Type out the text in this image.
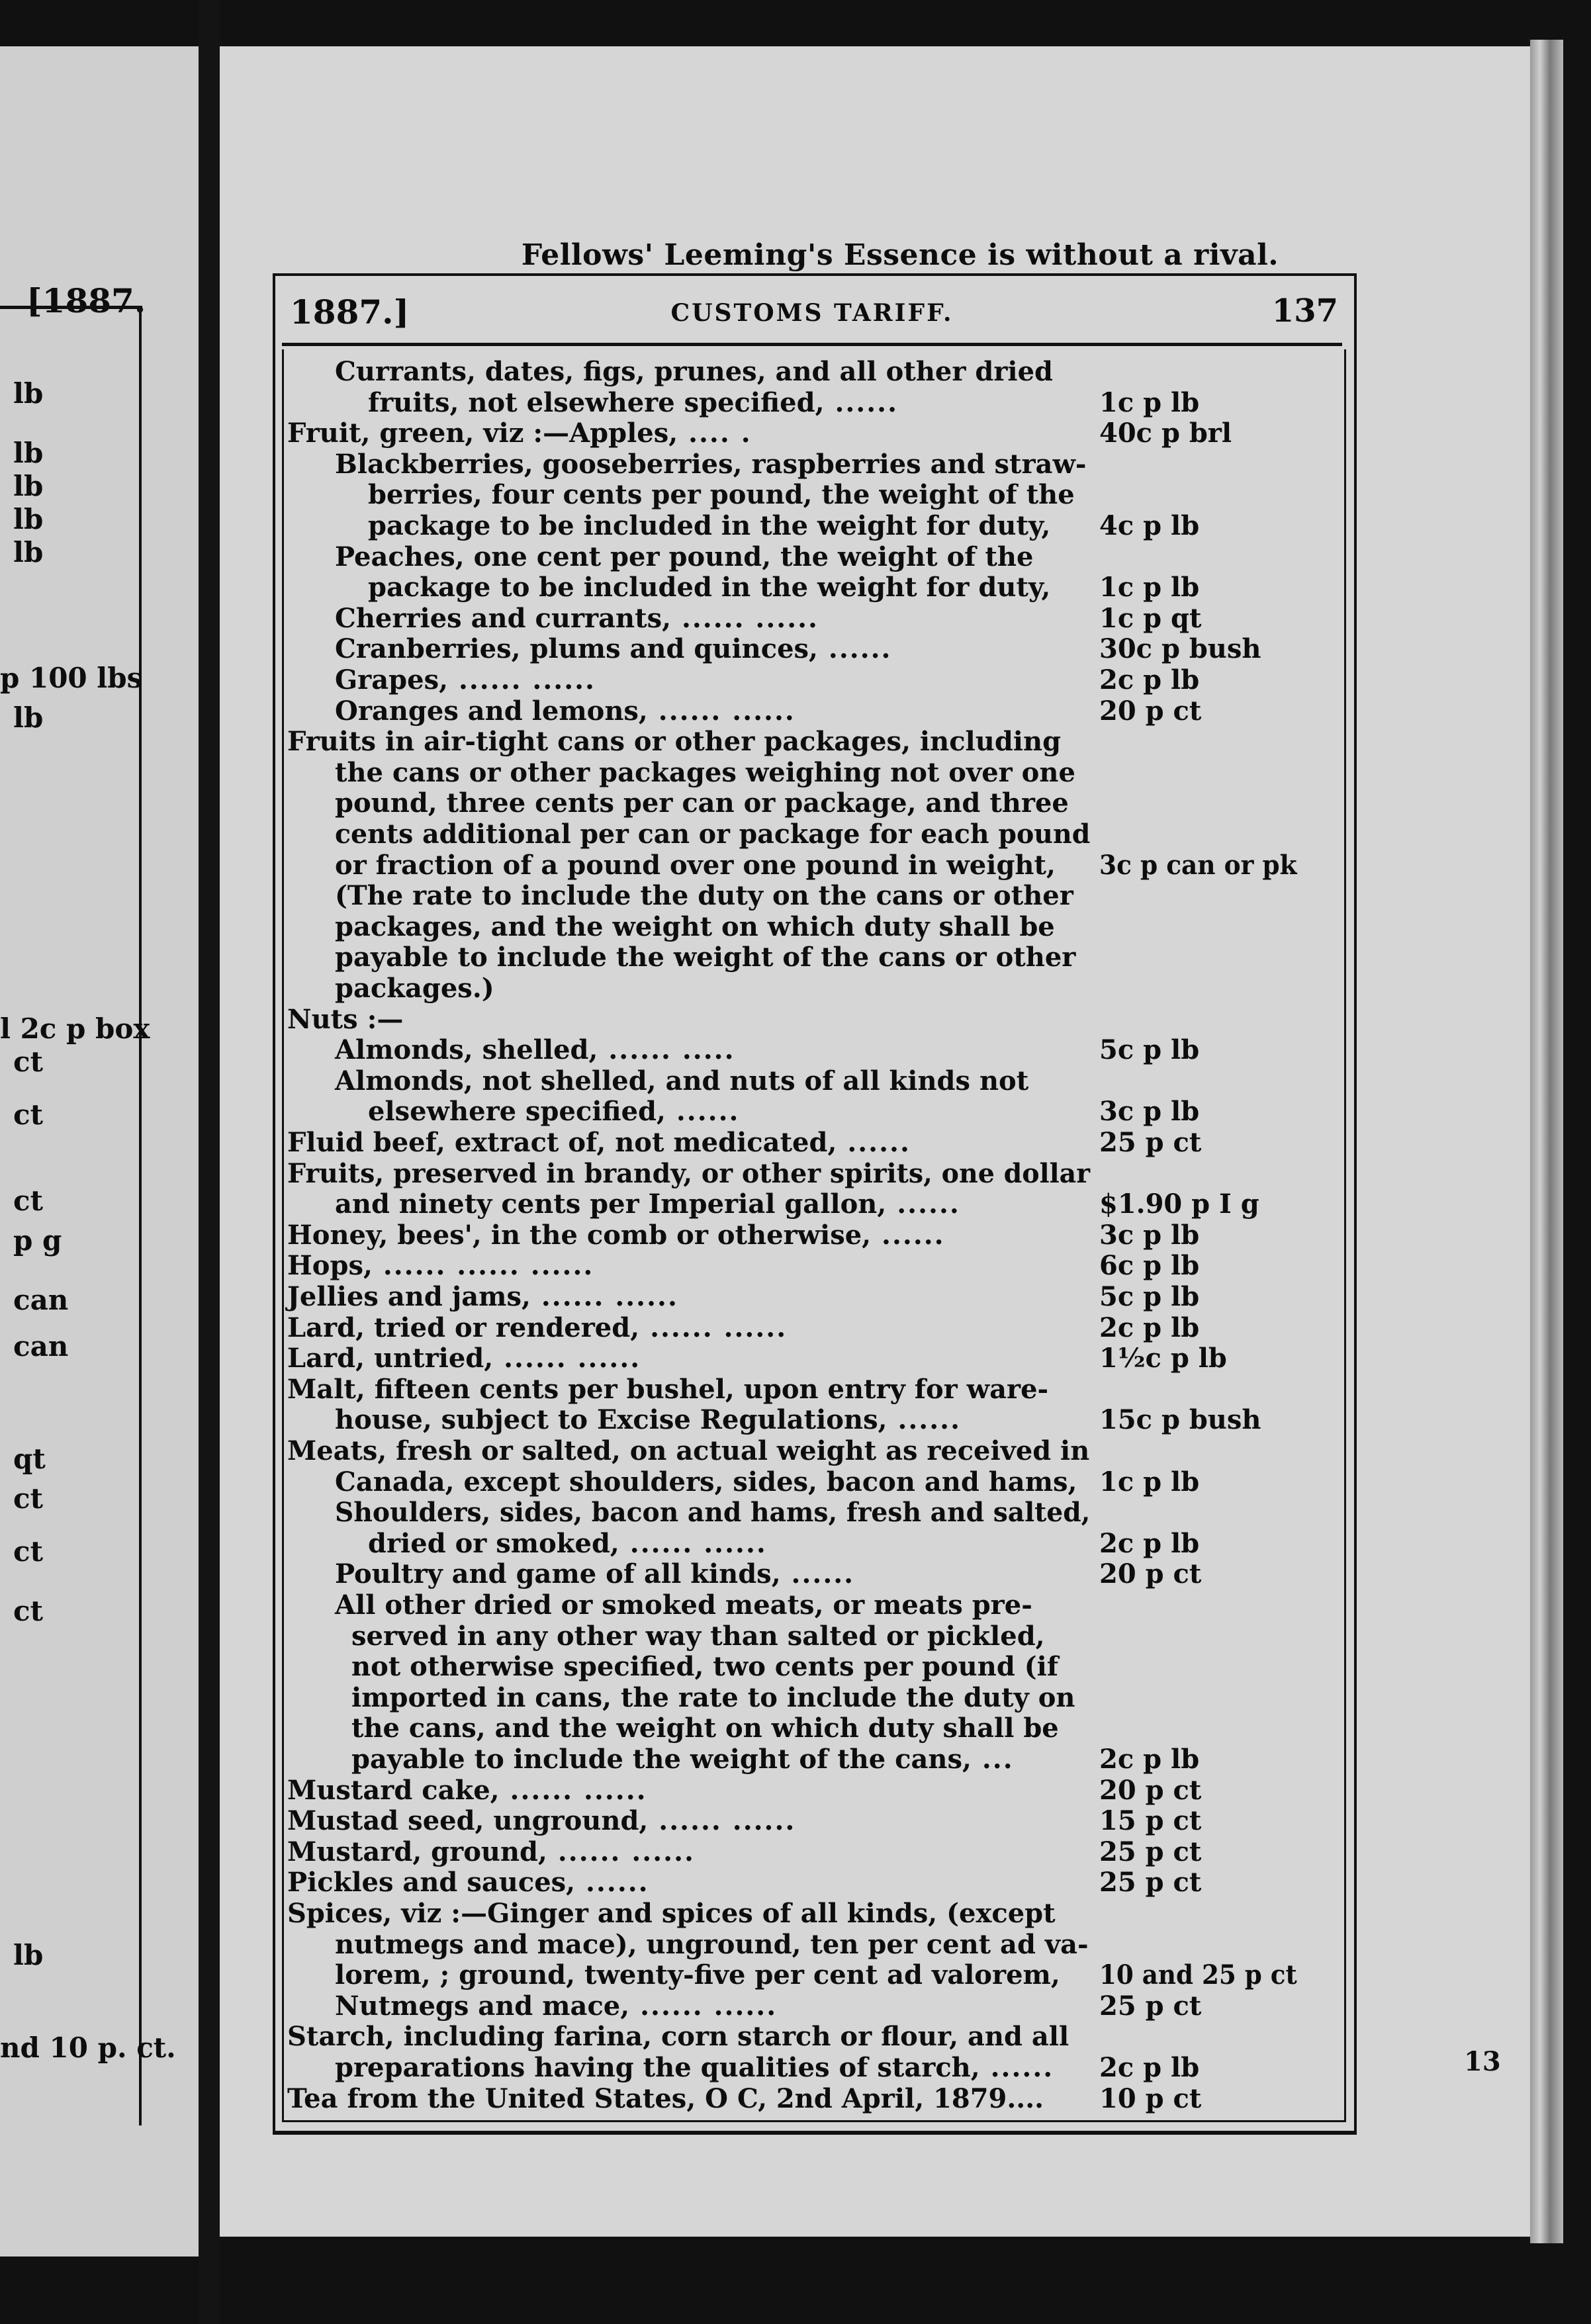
[1887.
lb
lb
lb
lb
lb
p 100 lbs
lb
l 2c p box
ct
ct
ct
p g
can
can
qt
ct
ct
ct
lb
nd 10 p. ct.
Fellows' Leeming's Essence is without a rival.
1887.]	CUSTOMS TARIFF.	137
Currants, dates, figs, prunes, and all other dried
fruits, not elsewhere specified, ......	1c p lb
Fruit, green, viz :—Apples, .... .	40c p brl
Blackberries, gooseberries, raspberries and straw-
berries, four cents per pound, the weight of the
package to be included in the weight for duty, 4c p lb
Peaches, one cent per pound, the weight of the
package to be included in the weight for duty, 1c p lb
Cherries and currants, ...... ......	1c p qt
Cranberries, plums and quinces, ......	30c p bush
Grapes, ...... ......	2c p lb
Oranges and lemons, ...... ......	20 p ct
Fruits in air-tight cans or other packages, including
the cans or other packages weighing not over one
pound, three cents per can or package, and three
cents additional per can or package for each pound
or fraction of a pound over one pound in weight, 3c p can or pk
(The rate to include the duty on the cans or other
packages, and the weight on which duty shall be
payable to include the weight of the cans or other
packages.)
Nuts :—
Almonds, shelled, ...... .....	5c p lb
Almonds, not shelled, and nuts of all kinds not
elsewhere specified, ......	3c p lb
Fluid beef, extract of, not medicated, ......	25 p ct
Fruits, preserved in brandy, or other spirits, one dollar
and ninety cents per Imperial gallon, ......	$1.90 p I g
Honey, bees', in the comb or otherwise, ......	3c p lb
Hops, ...... ...... ......	6c p lb
Jellies and jams, ...... ......	5c p lb
Lard, tried or rendered, ...... ......	2c p lb
Lard, untried, ...... ......	1½c p lb
Malt, fifteen cents per bushel, upon entry for ware-
house, subject to Excise Regulations, ......	15c p bush
Meats, fresh or salted, on actual weight as received in
Canada, except shoulders, sides, bacon and hams, 1c p lb
Shoulders, sides, bacon and hams, fresh and salted,
dried or smoked, ...... ......	2c p lb
Poultry and game of all kinds, ......	20 p ct
All other dried or smoked meats, or meats pre-
served in any other way than salted or pickled,
not otherwise specified, two cents per pound (if
imported in cans, the rate to include the duty on
the cans, and the weight on which duty shall be
payable to include the weight of the cans, ...	2c p lb
Mustard cake, ...... ......	20 p ct
Mustad seed, unground, ...... ......	15 p ct
Mustard, ground, ...... ......	25 p ct
Pickles and sauces, ......	25 p ct
Spices, viz :—Ginger and spices of all kinds, (except
nutmegs and mace), unground, ten per cent ad va-
lorem, ; ground, twenty-five per cent ad valorem, 10 and 25 p ct
Nutmegs and mace, ...... ......	25 p ct
Starch, including farina, corn starch or flour, and all
preparations having the qualities of starch, ...... 2c p lb
Tea from the United States, O C, 2nd April, 1879.... 10 p ct
13
